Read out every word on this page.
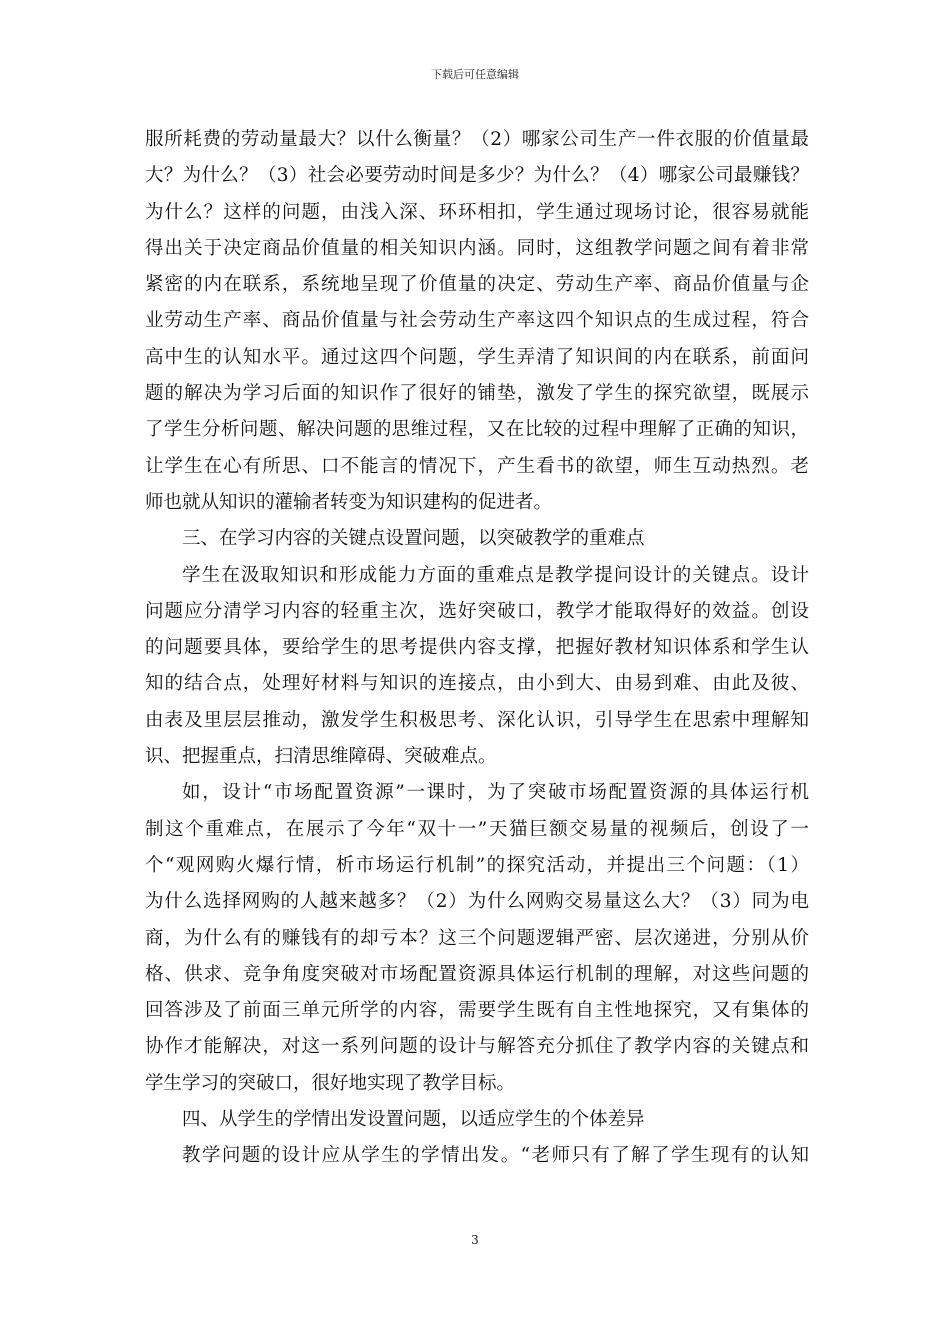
下载后可任意编辑
服所耗费的劳动量最大？以什么衡量？（2）哪家公司生产一件衣服的价值量最
大？为什么？（3）社会必要劳动时间是多少？为什么？（4）哪家公司最赚钱？
为什么？这样的问题，由浅入深、环环相扣，学生通过现场讨论，很容易就能
得出关于决定商品价值量的相关知识内涵。同时，这组教学问题之间有着非常
紧密的内在联系，系统地呈现了价值量的决定、劳动生产率、商品价值量与企
业劳动生产率、商品价值量与社会劳动生产率这四个知识点的生成过程，符合
高中生的认知水平。通过这四个问题，学生弄清了知识间的内在联系，前面问
题的解决为学习后面的知识作了很好的铺垫，激发了学生的探究欲望，既展示
了学生分析问题、解决问题的思维过程，又在比较的过程中理解了正确的知识，
让学生在心有所思、口不能言的情况下，产生看书的欲望，师生互动热烈。老
师也就从知识的灌输者转变为知识建构的促进者。
三、在学习内容的关键点设置问题，以突破教学的重难点
学生在汲取知识和形成能力方面的重难点是教学提问设计的关键点。设计
问题应分清学习内容的轻重主次，选好突破口，教学才能取得好的效益。创设
的问题要具体，要给学生的思考提供内容支撑，把握好教材知识体系和学生认
知的结合点，处理好材料与知识的连接点，由小到大、由易到难、由此及彼、
由表及里层层推动，激发学生积极思考、深化认识，引导学生在思索中理解知
识、把握重点，扫清思维障碍、突破难点。
如，设计“市场配置资源”一课时，为了突破市场配置资源的具体运行机
制这个重难点，在展示了今年“双十一”天猫巨额交易量的视频后，创设了一
个“观网购火爆行情，析市场运行机制”的探究活动，并提出三个问题：（1）
为什么选择网购的人越来越多？（2）为什么网购交易量这么大？（3）同为电
商，为什么有的赚钱有的却亏本？这三个问题逻辑严密、层次递进，分别从价
格、供求、竞争角度突破对市场配置资源具体运行机制的理解，对这些问题的
回答涉及了前面三单元所学的内容，需要学生既有自主性地探究，又有集体的
协作才能解决，对这一系列问题的设计与解答充分抓住了教学内容的关键点和
学生学习的突破口，很好地实现了教学目标。
四、从学生的学情出发设置问题，以适应学生的个体差异
教学问题的设计应从学生的学情出发。“老师只有了解了学生现有的认知
3
